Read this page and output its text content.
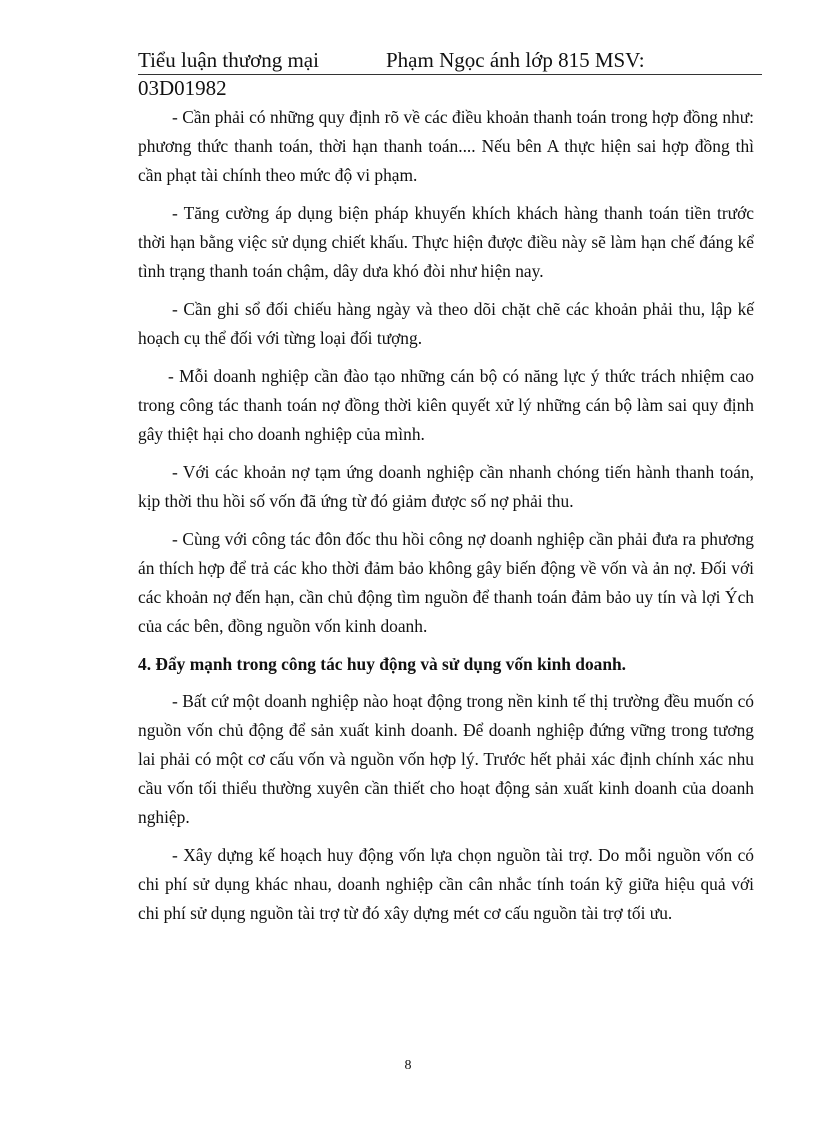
Tiểu luận thương mại	Phạm Ngọc ánh lớp 815 MSV:
03D01982

- Cần phải có những quy định rõ về các điều khoản thanh toán trong hợp đồng như: phương thức thanh toán, thời hạn thanh toán.... Nếu bên A thực hiện sai hợp đồng thì cần phạt tài chính theo mức độ vi phạm.

- Tăng cường áp dụng biện pháp khuyến khích khách hàng thanh toán tiền trước thời hạn bằng việc sử dụng chiết khấu. Thực hiện được điều này sẽ làm hạn chế đáng kể tình trạng thanh toán chậm, dây dưa khó đòi như hiện nay.

- Cần ghi sổ đối chiếu hàng ngày và theo dõi chặt chẽ các khoản phải thu, lập kế hoạch cụ thể đối với từng loại đối tượng.

- Mỗi doanh nghiệp cần đào tạo những cán bộ có năng lực ý thức trách nhiệm cao trong công tác thanh toán nợ đồng thời kiên quyết xử lý những cán bộ làm sai quy định gây thiệt hại cho doanh nghiệp của mình.

- Với các khoản nợ tạm ứng doanh nghiệp cần nhanh chóng tiến hành thanh toán, kịp thời thu hồi số vốn đã ứng từ đó giảm được số nợ phải thu.

- Cùng với công tác đôn đốc thu hồi công nợ doanh nghiệp cần phải đưa ra phương án thích hợp để trả các kho thời đảm bảo không gây biến động về vốn và ản nợ. Đối với các khoản nợ đến hạn, cần chủ động tìm nguồn để thanh toán đảm bảo uy tín và lợi Ých của các bên, đồng nguồn vốn kinh doanh.

4. Đẩy mạnh trong công tác huy động và sử dụng vốn kinh doanh.

- Bất cứ một doanh nghiệp nào hoạt động trong nền kinh tế thị trường đều muốn có nguồn vốn chủ động để sản xuất kinh doanh. Để doanh nghiệp đứng vững trong tương lai phải có một cơ cấu vốn và nguồn vốn hợp lý. Trước hết phải xác định chính xác nhu cầu vốn tối thiểu thường xuyên cần thiết cho hoạt động sản xuất kinh doanh của doanh nghiệp.

- Xây dựng kế hoạch huy động vốn lựa chọn nguồn tài trợ. Do mỗi nguồn vốn có chi phí sử dụng khác nhau, doanh nghiệp cần cân nhắc tính toán kỹ giữa hiệu quả với chi phí sử dụng nguồn tài trợ từ đó xây dựng mét cơ cấu nguồn tài trợ tối ưu.

8
